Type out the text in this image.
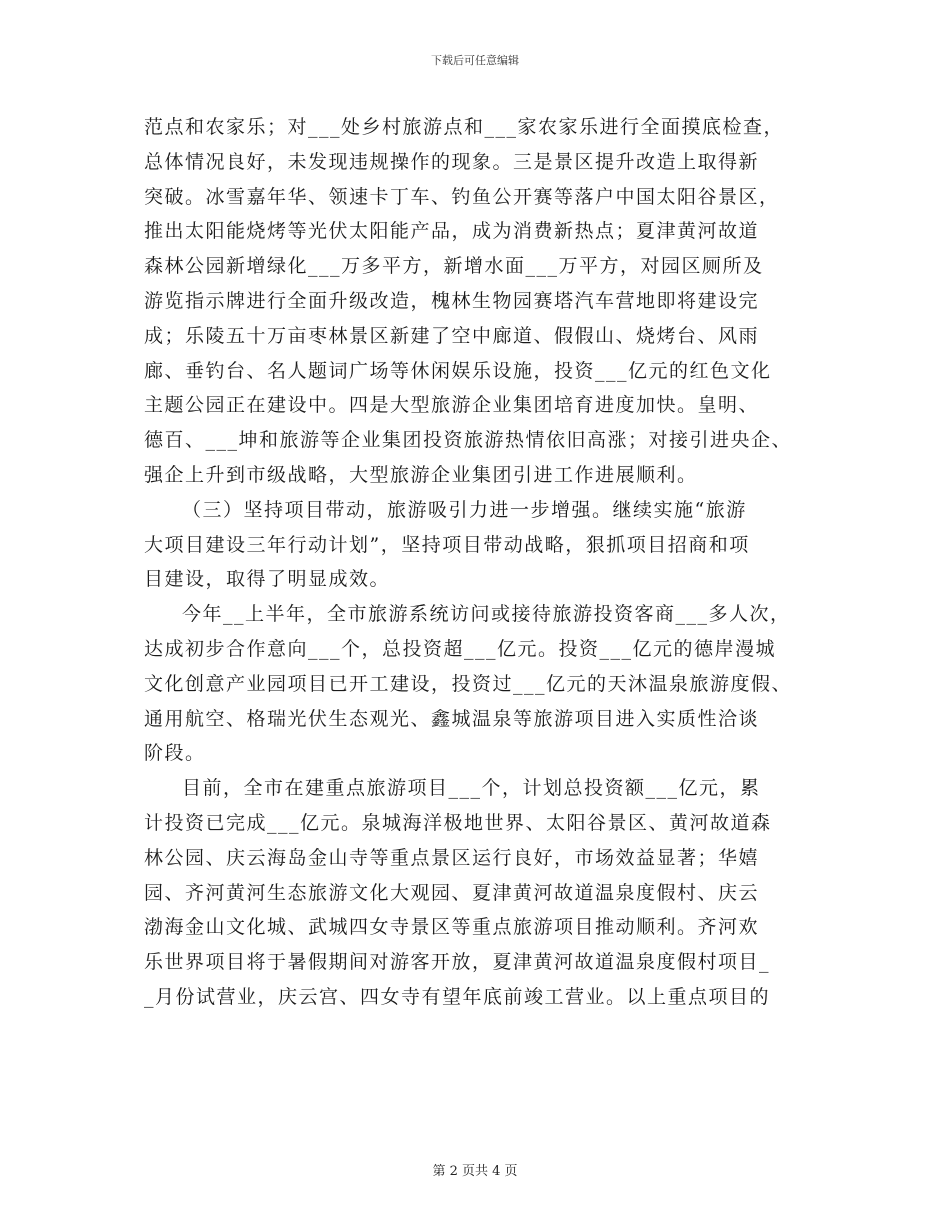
下载后可任意编辑
范点和农家乐；对___处乡村旅游点和___家农家乐进行全面摸底检查，
总体情况良好，未发现违规操作的现象。三是景区提升改造上取得新
突破。冰雪嘉年华、领速卡丁车、钓鱼公开赛等落户中国太阳谷景区，
推出太阳能烧烤等光伏太阳能产品，成为消费新热点；夏津黄河故道
森林公园新增绿化___万多平方，新增水面___万平方，对园区厕所及
游览指示牌进行全面升级改造，槐林生物园赛塔汽车营地即将建设完
成；乐陵五十万亩枣林景区新建了空中廊道、假假山、烧烤台、风雨
廊、垂钓台、名人题词广场等休闲娱乐设施，投资___亿元的红色文化
主题公园正在建设中。四是大型旅游企业集团培育进度加快。皇明、
德百、___坤和旅游等企业集团投资旅游热情依旧高涨；对接引进央企、
强企上升到市级战略，大型旅游企业集团引进工作进展顺利。
（三）坚持项目带动，旅游吸引力进一步增强。继续实施“旅游
大项目建设三年行动计划”，坚持项目带动战略，狠抓项目招商和项
目建设，取得了明显成效。
今年__上半年，全市旅游系统访问或接待旅游投资客商___多人次，
达成初步合作意向___个，总投资超___亿元。投资___亿元的德岸漫城
文化创意产业园项目已开工建设，投资过___亿元的天沐温泉旅游度假、
通用航空、格瑞光伏生态观光、鑫城温泉等旅游项目进入实质性洽谈
阶段。
目前，全市在建重点旅游项目___个，计划总投资额___亿元，累
计投资已完成___亿元。泉城海洋极地世界、太阳谷景区、黄河故道森
林公园、庆云海岛金山寺等重点景区运行良好，市场效益显著；华嬉
园、齐河黄河生态旅游文化大观园、夏津黄河故道温泉度假村、庆云
渤海金山文化城、武城四女寺景区等重点旅游项目推动顺利。齐河欢
乐世界项目将于暑假期间对游客开放，夏津黄河故道温泉度假村项目_
_月份试营业，庆云宫、四女寺有望年底前竣工营业。以上重点项目的
第 2 页共 4 页
